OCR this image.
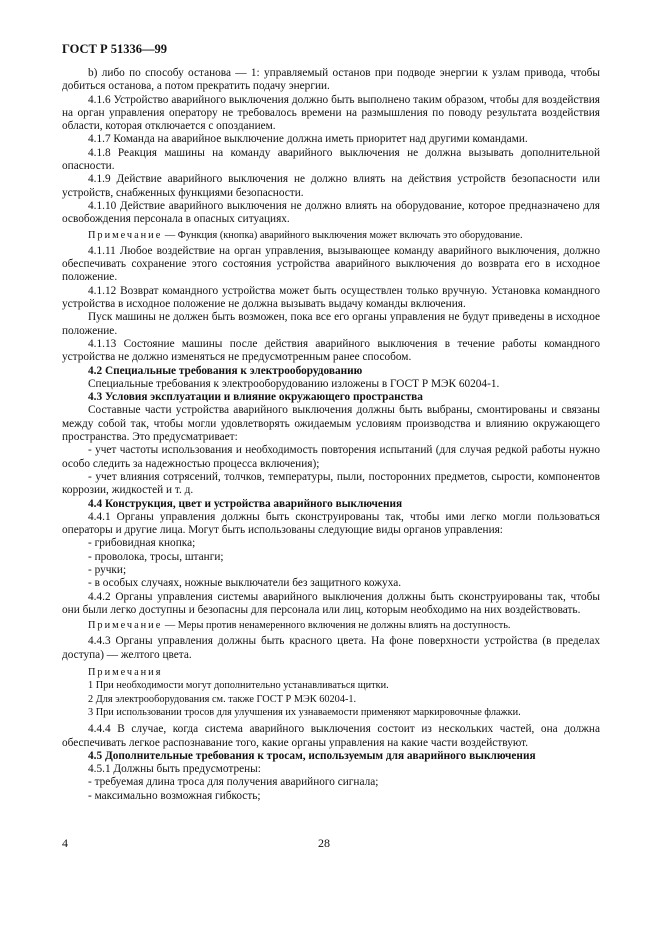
ГОСТ Р 51336—99

b) либо по способу останова — 1: управляемый останов при подводе энергии к узлам привода, чтобы добиться останова, а потом прекратить подачу энергии.

4.1.6 Устройство аварийного выключения должно быть выполнено таким образом, чтобы для воздействия на орган управления оператору не требовалось времени на размышления по поводу результата воздействия области, которая отключается с опозданием.

4.1.7 Команда на аварийное выключение должна иметь приоритет над другими командами.

4.1.8 Реакция машины на команду аварийного выключения не должна вызывать дополнительной опасности.

4.1.9 Действие аварийного выключения не должно влиять на действия устройств безопасности или устройств, снабженных функциями безопасности.

4.1.10 Действие аварийного выключения не должно влиять на оборудование, которое предназначено для освобождения персонала в опасных ситуациях.

Примечание — Функция (кнопка) аварийного выключения может включать это оборудование.

4.1.11 Любое воздействие на орган управления, вызывающее команду аварийного выключения, должно обеспечивать сохранение этого состояния устройства аварийного выключения до возврата его в исходное положение.

4.1.12 Возврат командного устройства может быть осуществлен только вручную. Установка командного устройства в исходное положение не должна вызывать выдачу команды включения.

Пуск машины не должен быть возможен, пока все его органы управления не будут приведены в исходное положение.

4.1.13 Состояние машины после действия аварийного выключения в течение работы командного устройства не должно изменяться не предусмотренным ранее способом.

4.2 Специальные требования к электрооборудованию

Специальные требования к электрооборудованию изложены в ГОСТ Р МЭК 60204-1.

4.3 Условия эксплуатации и влияние окружающего пространства

Составные части устройства аварийного выключения должны быть выбраны, смонтированы и связаны между собой так, чтобы могли удовлетворять ожидаемым условиям производства и влиянию окружающего пространства. Это предусматривает:

- учет частоты использования и необходимость повторения испытаний (для случая редкой работы нужно особо следить за надежностью процесса включения);

- учет влияния сотрясений, толчков, температуры, пыли, посторонних предметов, сырости, компонентов коррозии, жидкостей и т. д.

4.4 Конструкция, цвет и устройства аварийного выключения

4.4.1 Органы управления должны быть сконструированы так, чтобы ими легко могли пользоваться операторы и другие лица. Могут быть использованы следующие виды органов управления:

- грибовидная кнопка;

- проволока, тросы, штанги;

- ручки;

- в особых случаях, ножные выключатели без защитного кожуха.

4.4.2 Органы управления системы аварийного выключения должны быть сконструированы так, чтобы они были легко доступны и безопасны для персонала или лиц, которым необходимо на них воздействовать.

Примечание — Меры против ненамеренного включения не должны влиять на доступность.

4.4.3 Органы управления должны быть красного цвета. На фоне поверхности устройства (в пределах доступа) — желтого цвета.

Примечания

1 При необходимости могут дополнительно устанавливаться щитки.

2 Для электрооборудования см. также ГОСТ Р МЭК 60204-1.

3 При использовании тросов для улучшения их узнаваемости применяют маркировочные флажки.

4.4.4 В случае, когда система аварийного выключения состоит из нескольких частей, она должна обеспечивать легкое распознавание того, какие органы управления на какие части воздействуют.

4.5 Дополнительные требования к тросам, используемым для аварийного выключения

4.5.1 Должны быть предусмотрены:

- требуемая длина троса для получения аварийного сигнала;

- максимально возможная гибкость;

4	28
